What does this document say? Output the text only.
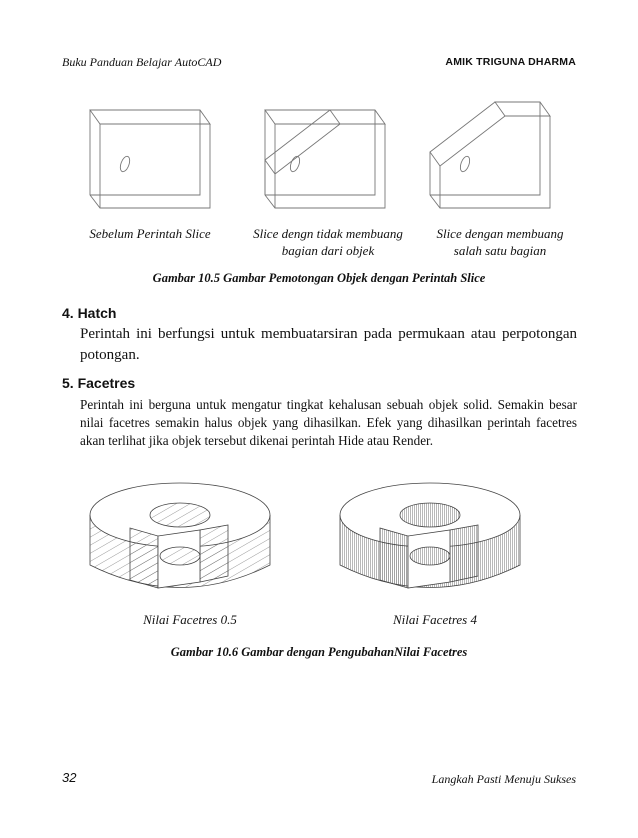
Buku Panduan Belajar AutoCAD	AMIK TRIGUNA DHARMA
Sebelum Perintah Slice	Slice dengn tidak membuang bagian dari objek
Slice dengan membuang salah satu bagian
Gambar 10.5 Gambar Pemotongan Objek dengan Perintah Slice
4. Hatch
Perintah ini berfungsi untuk membuatarsiran pada permukaan atau perpotongan potongan.
5. Facetres
Perintah ini berguna untuk mengatur tingkat kehalusan sebuah objek solid. Semakin besar nilai facetres semakin halus objek yang dihasilkan. Efek yang dihasilkan perintah facetres akan terlihat jika objek tersebut dikenai perintah Hide atau Render.
Nilai Facetres 0.5	Nilai Facetres 4
Gambar 10.6 Gambar dengan PengubahanNilai Facetres
32	Langkah Pasti Menuju Sukses
